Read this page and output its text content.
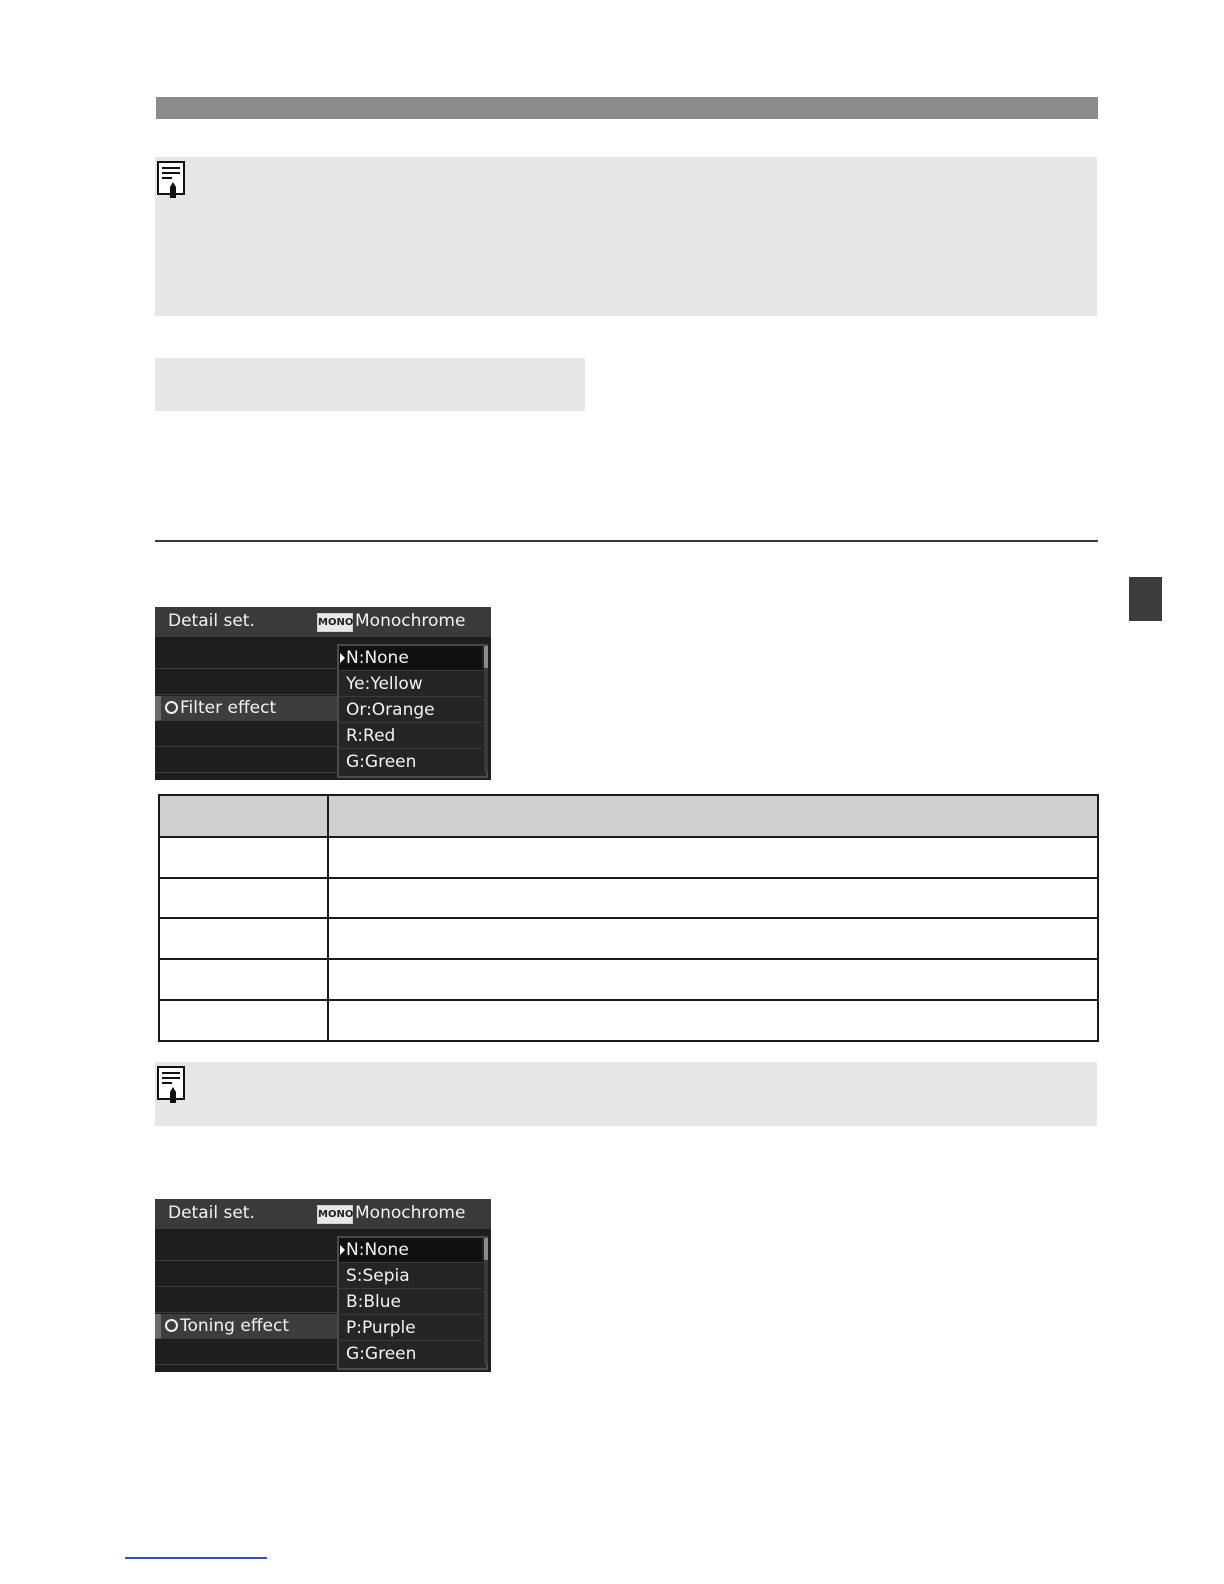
Detail set.	MONO Monochrome
Filter effect
N:None
Ye:Yellow
Or:Orange
R:Red
G:Green

Detail set.	MONO Monochrome
Toning effect
N:None
S:Sepia
B:Blue
P:Purple
G:Green
